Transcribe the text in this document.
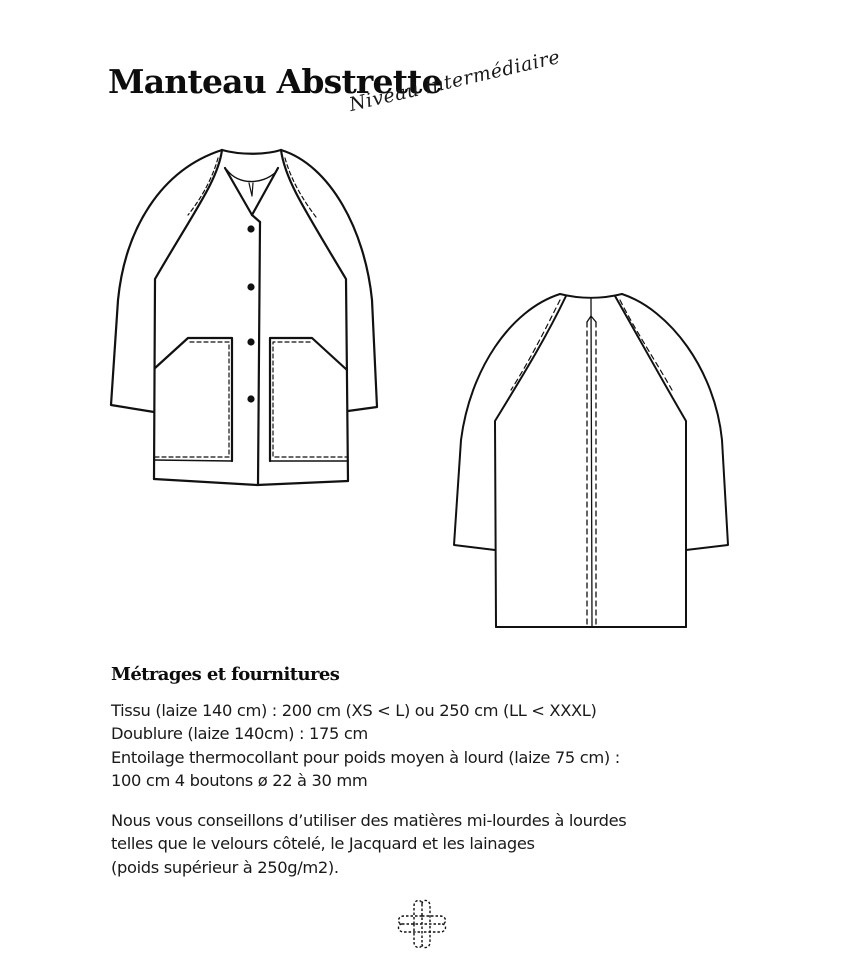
Manteau Abstrette
Niveau intermédiaire
Métrages et fournitures
Tissu (laize 140 cm) : 200 cm (XS < L) ou 250 cm (LL < XXXL)
Doublure (laize 140cm) : 175 cm
Entoilage thermocollant pour poids moyen à lourd (laize 75 cm) :
100 cm 4 boutons ø 22 à 30 mm
Nous vous conseillons d’utiliser des matières mi-lourdes à lourdes
telles que le velours côtelé, le Jacquard et les lainages
(poids supérieur à 250g/m2).
